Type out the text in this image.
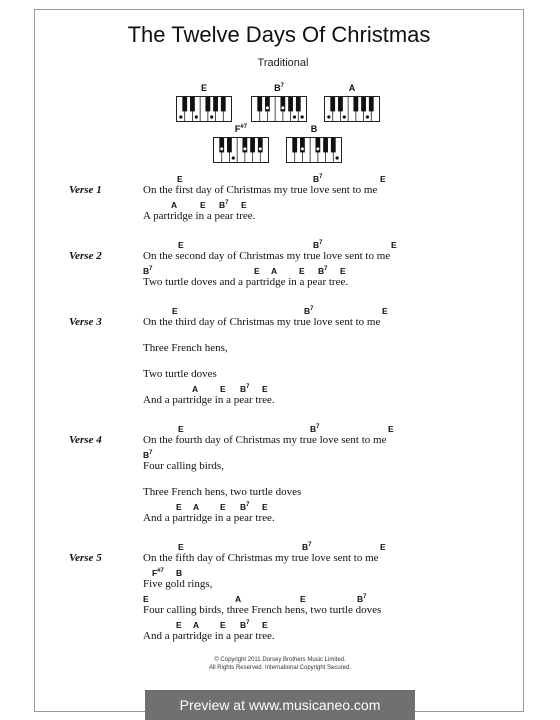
The Twelve Days Of Christmas
Traditional
E	$B^7$	A
$F^{\#7}$	B
Verse 1
Verse 2
Verse 3
Verse 4
Verse 5
On the first day of Christmas my true love sent to me
A partridge in a pear tree.
On the second day of Christmas my true love sent to me
Two turtle doves and a partridge in a pear tree.
On the third day of Christmas my true love sent to me
Three French hens,
Two turtle doves
And a partridge in a pear tree.
On the fourth day of Christmas my true love sent to me
Four calling birds,
Three French hens, two turtle doves
And a partridge in a pear tree.
On the fifth day of Christmas my true love sent to me
Five gold rings,
Four calling birds, three French hens, two turtle doves
And a partridge in a pear tree.
E	$B^7$	E
A	E $B^7$ E
E	$B^7$	E
$B^7$	E A	E $B^7$ E
E	$B^7$	E
A	E $B^7$ E
E	$B^7$	E
$B^7$
E A E $B^7$ E
E	$B^7$	E
$F^{\#7}$ B
E	A	E	$B^7$
E A E $B^7$ E
© Copyright 2011 Dorsey Brothers Music Limited.
All Rights Reserved. International Copyright Secured.
Preview at www.musicaneo.com
